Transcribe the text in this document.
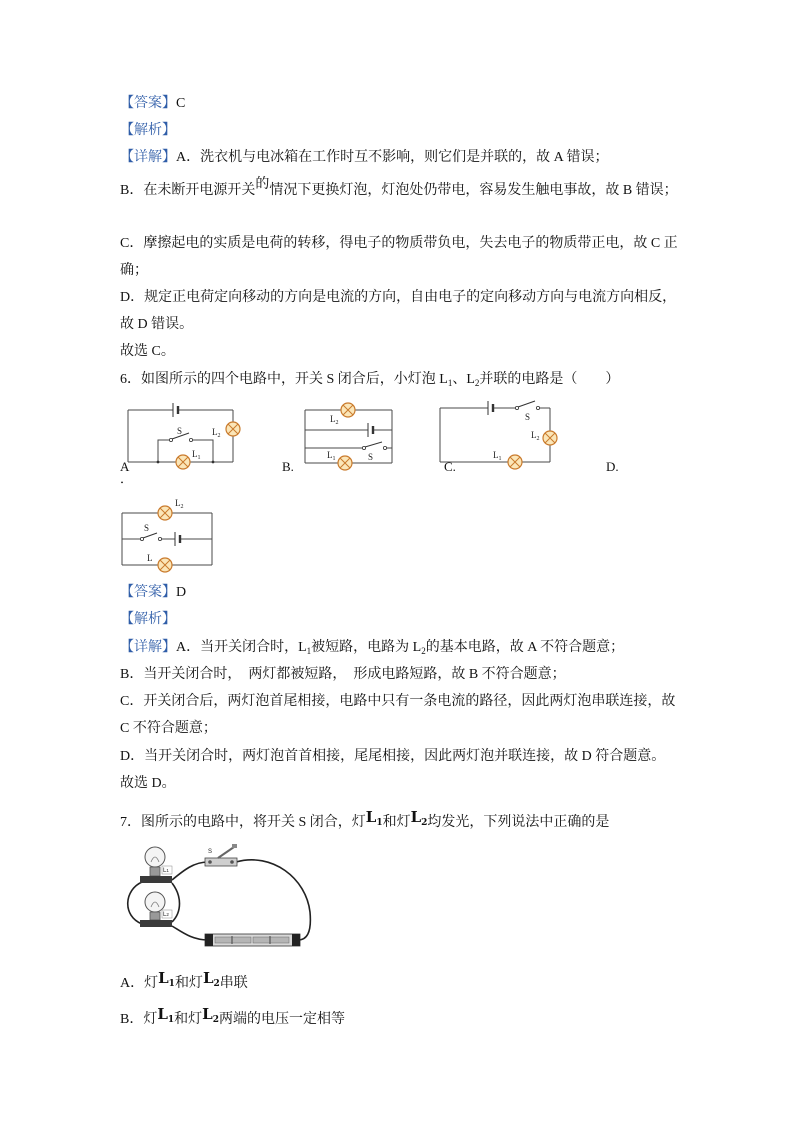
【答案】C
【解析】
【详解】A．洗衣机与电冰箱在工作时互不影响，则它们是并联的，故 A 错误；
B．在未断开电源开关的情况下更换灯泡，灯泡处仍带电，容易发生触电事故，故 B 错误；
C．摩擦起电的实质是电荷的转移，得电子的物质带负电，失去电子的物质带正电，故 C 正
确；
D．规定正电荷定向移动的方向是电流的方向，自由电子的定向移动方向与电流方向相反，
故 D 错误。
故选 C。
6．如图所示的四个电路中，开关 S 闭合后，小灯泡 $L_1$、$L_2$并联的电路是（　　）
A
．
B.	C.	D.
S	$L_2$
$L_1$
$L_2$
$L_1$	S
S
$L_2$
$L_1$
$L_2$
S
L
【答案】D
【解析】
【详解】A．当开关闭合时，$L_1$被短路，电路为 $L_2$的基本电路，故 A 不符合题意；
B．当开关闭合时，  两灯都被短路，  形成电路短路，故 B 不符合题意；
C．开关闭合后，两灯泡首尾相接，电路中只有一条电流的路径，因此两灯泡串联连接，故
C 不符合题意；
D．当开关闭合时，两灯泡首首相接，尾尾相接，因此两灯泡并联连接，故 D 符合题意。
故选 D。
7．图所示的电路中，将开关 S 闭合，灯L1和灯L2均发光，下列说法中正确的是
L1
L2
S
A．灯L1和灯L2串联
B．灯L1和灯L2两端的电压一定相等
